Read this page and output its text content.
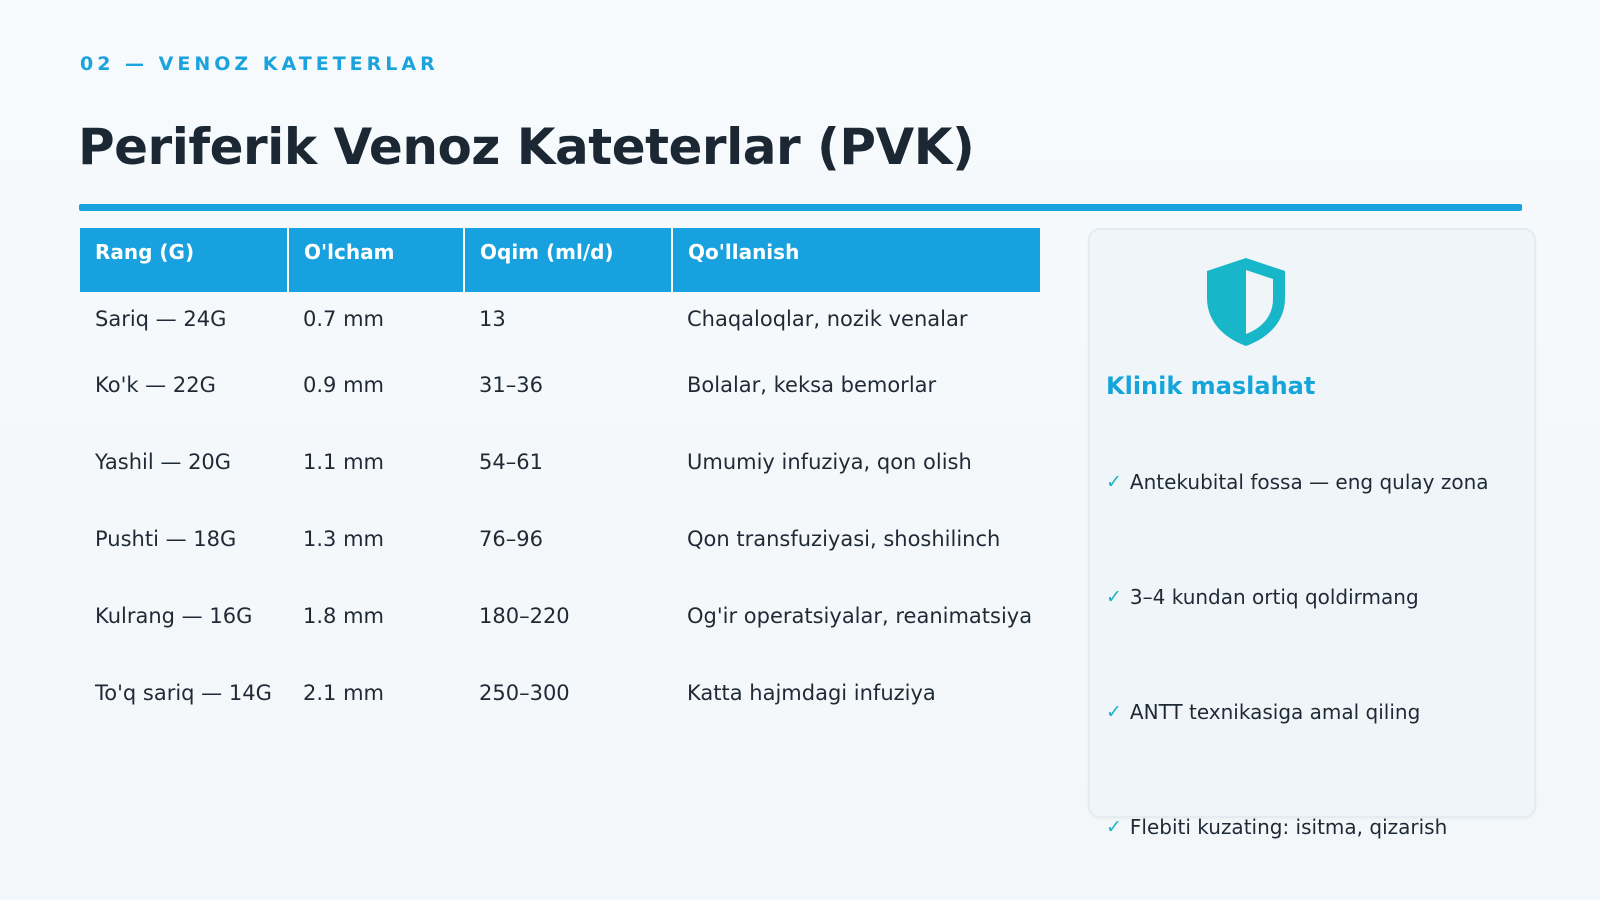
02 — VENOZ KATETERLAR
Periferik Venoz Kateterlar (PVK)
Rang (G)	O'lcham	Oqim (ml/d)	Qo'llanish
Sariq — 24G	0.7 mm	13	Chaqaloqlar, nozik venalar
Ko'k — 22G	0.9 mm	31–36	Bolalar, keksa bemorlar
Yashil — 20G	1.1 mm	54–61	Umumiy infuziya, qon olish
Pushti — 18G	1.3 mm	76–96	Qon transfuziyasi, shoshilinch
Kulrang — 16G	1.8 mm	180–220	Og'ir operatsiyalar, reanimatsiya
To'q sariq — 14G	2.1 mm	250–300	Katta hajmdagi infuziya
Klinik maslahat
✓ Antekubital fossa — eng qulay zona
✓ 3–4 kundan ortiq qoldirmang
✓ ANTT texnikasiga amal qiling
✓ Flebiti kuzating: isitma, qizarish
